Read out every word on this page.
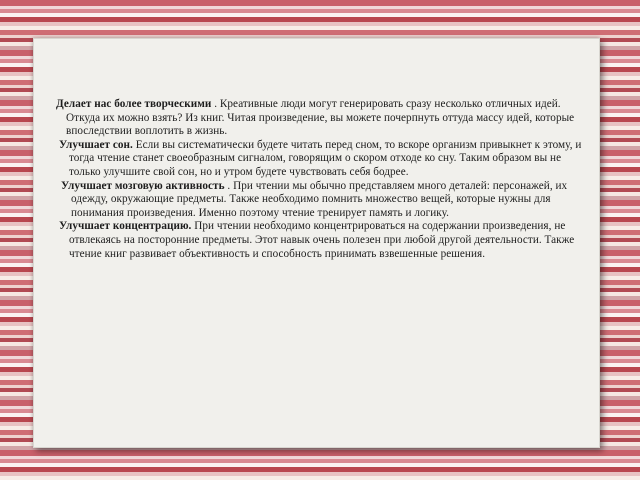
Делает нас более творческими . Креативные люди могут генерировать сразу несколько отличных идей. Откуда их можно взять? Из книг. Читая произведение, вы можете почерпнуть оттуда массу идей, которые впоследствии воплотить в жизнь.

Улучшает сон. Если вы систематически будете читать перед сном, то вскоре организм привыкнет к этому, и тогда чтение станет своеобразным сигналом, говорящим о скором отходе ко сну. Таким образом вы не только улучшите свой сон, но и утром будете чувствовать себя бодрее.

Улучшает мозговую активность . При чтении мы обычно представляем много деталей: персонажей, их одежду, окружающие предметы. Также необходимо помнить множество вещей, которые нужны для понимания произведения. Именно поэтому чтение тренирует память и логику.

Улучшает концентрацию. При чтении необходимо концентрироваться на содержании произведения, не отвлекаясь на посторонние предметы. Этот навык очень полезен при любой другой деятельности. Также чтение книг развивает объективность и способность принимать взвешенные решения.
